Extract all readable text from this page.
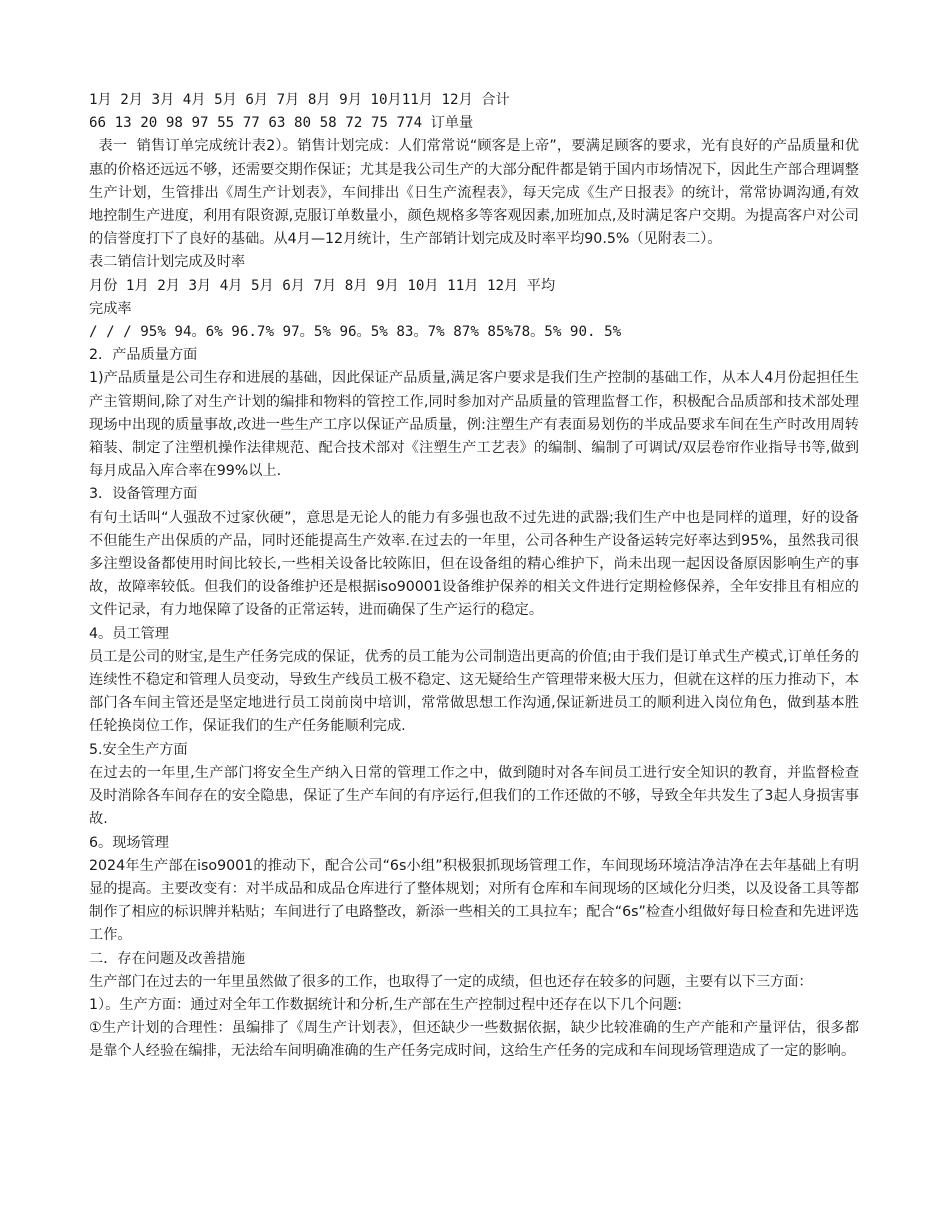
1月 2月 3月 4月 5月 6月 7月 8月 9月 10月11月 12月 合计
66 13 20 98 97 55 77 63 80 58 72 75 774 订单量
表一  销售订单完成统计表2）。销售计划完成：人们常常说“顾客是上帝”，要满足顾客的要求，光有良好的产品质量和优惠的价格还远远不够，还需要交期作保证；尤其是我公司生产的大部分配件都是销于国内市场情况下，因此生产部合理调整生产计划，生管排出《周生产计划表》，车间排出《日生产流程表》，每天完成《生产日报表》的统计，常常协调沟通,有效地控制生产进度，利用有限资源,克服订单数量小，颜色规格多等客观因素,加班加点,及时满足客户交期。为提高客户对公司的信誉度打下了良好的基础。从4月—12月统计，生产部销计划完成及时率平均90.5%（见附表二）。
表二销信计划完成及时率
月份 1月 2月 3月 4月 5月 6月 7月 8月 9月 10月 11月 12月 平均
完成率
/ / / 95% 94。6% 96.7% 97。5% 96。5% 83。7% 87% 85%78。5% 90. 5%
2．产品质量方面
1)产品质量是公司生存和进展的基础，因此保证产品质量,满足客户要求是我们生产控制的基础工作，从本人4月份起担任生产主管期间,除了对生产计划的编排和物料的管控工作,同时参加对产品质量的管理监督工作，积极配合品质部和技术部处理现场中出现的质量事故,改进一些生产工序以保证产品质量，例:注塑生产有表面易划伤的半成品要求车间在生产时改用周转箱装、制定了注塑机操作法律规范、配合技术部对《注塑生产工艺表》的编制、编制了可调试/双层卷帘作业指导书等,做到每月成品入库合率在99%以上.
3．设备管理方面
有句土话叫“人强敌不过家伙硬”，意思是无论人的能力有多强也敌不过先进的武器;我们生产中也是同样的道理，好的设备不但能生产出保质的产品，同时还能提高生产效率.在过去的一年里，公司各种生产设备运转完好率达到95%，虽然我司很多注塑设备都使用时间比较长,一些相关设备比较陈旧，但在设备组的精心维护下，尚未出现一起因设备原因影响生产的事故，故障率较低。但我们的设备维护还是根据iso90001设备维护保养的相关文件进行定期检修保养，全年安排且有相应的文件记录，有力地保障了设备的正常运转，进而确保了生产运行的稳定。
4。员工管理
员工是公司的财宝,是生产任务完成的保证，优秀的员工能为公司制造出更高的价值;由于我们是订单式生产模式,订单任务的连续性不稳定和管理人员变动，导致生产线员工极不稳定、这无疑给生产管理带来极大压力，但就在这样的压力推动下，本部门各车间主管还是坚定地进行员工岗前岗中培训，常常做思想工作沟通,保证新进员工的顺利进入岗位角色，做到基本胜任轮换岗位工作，保证我们的生产任务能顺利完成.
5.安全生产方面
在过去的一年里,生产部门将安全生产纳入日常的管理工作之中，做到随时对各车间员工进行安全知识的教育，并监督检查及时消除各车间存在的安全隐患，保证了生产车间的有序运行,但我们的工作还做的不够，导致全年共发生了3起人身损害事故.
6。现场管理
2024年生产部在iso9001的推动下，配合公司“6s小组”积极狠抓现场管理工作，车间现场环境洁净洁净在去年基础上有明显的提高。主要改变有：对半成品和成品仓库进行了整体规划；对所有仓库和车间现场的区域化分归类，以及设备工具等都制作了相应的标识牌并粘贴；车间进行了电路整改，新添一些相关的工具拉车；配合“6s”检查小组做好每日检查和先进评选工作。
二．存在问题及改善措施
生产部门在过去的一年里虽然做了很多的工作，也取得了一定的成绩，但也还存在较多的问题，主要有以下三方面：
1）。生产方面：通过对全年工作数据统计和分析,生产部在生产控制过程中还存在以下几个问题:
①生产计划的合理性：虽编排了《周生产计划表》，但还缺少一些数据依据，缺少比较准确的生产产能和产量评估，很多都是靠个人经验在编排，无法给车间明确准确的生产任务完成时间，这给生产任务的完成和车间现场管理造成了一定的影响。
